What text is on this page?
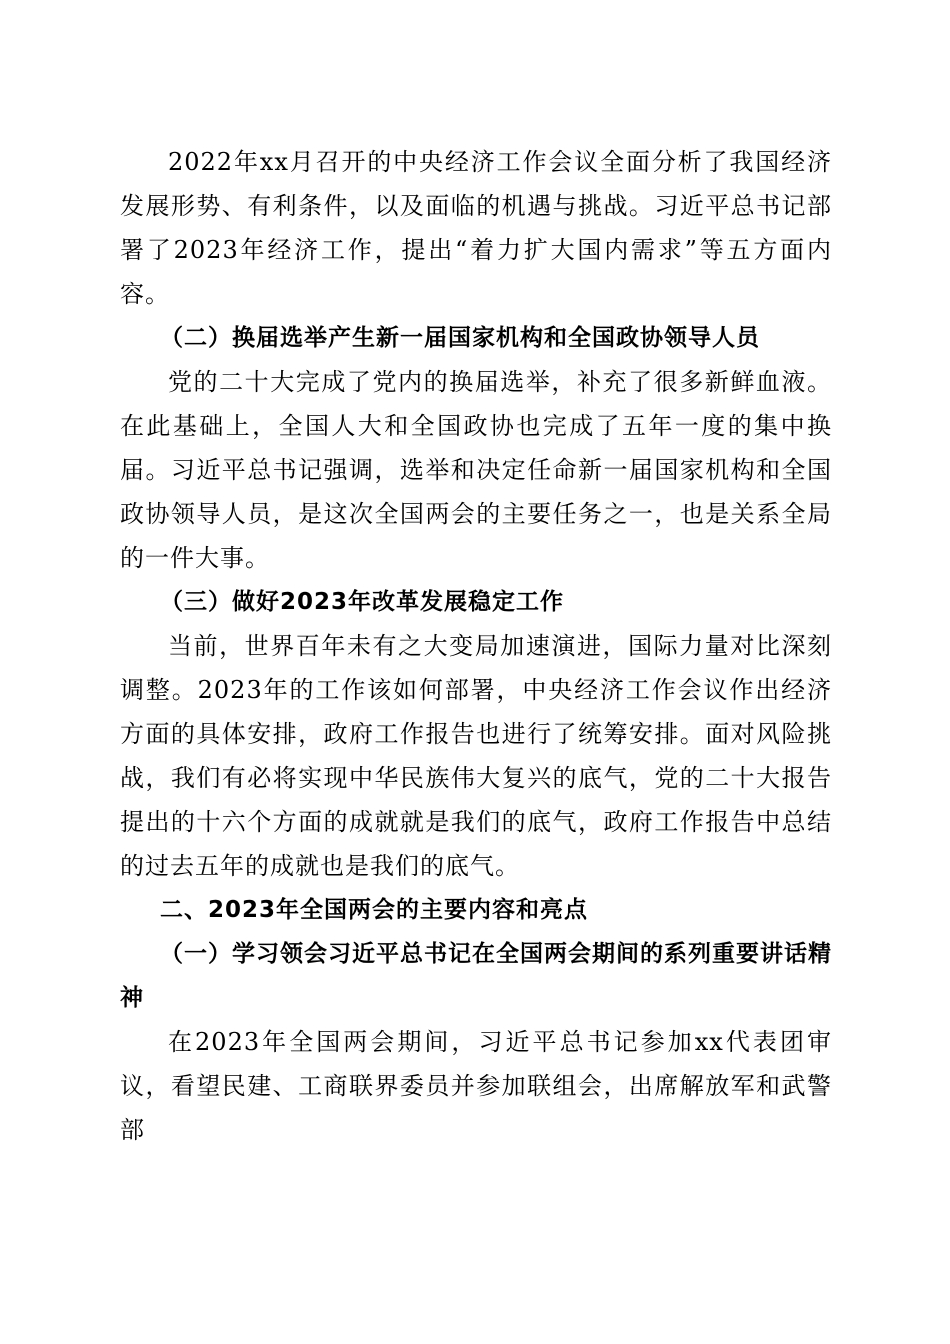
2022年xx月召开的中央经济工作会议全面分析了我国经济发展形势、有利条件，以及面临的机遇与挑战。习近平总书记部署了2023年经济工作，提出“着力扩大国内需求”等五方面内容。

（二）换届选举产生新一届国家机构和全国政协领导人员

党的二十大完成了党内的换届选举，补充了很多新鲜血液。在此基础上，全国人大和全国政协也完成了五年一度的集中换届。习近平总书记强调，选举和决定任命新一届国家机构和全国政协领导人员，是这次全国两会的主要任务之一，也是关系全局的一件大事。

（三）做好2023年改革发展稳定工作

当前，世界百年未有之大变局加速演进，国际力量对比深刻调整。2023年的工作该如何部署，中央经济工作会议作出经济方面的具体安排，政府工作报告也进行了统筹安排。面对风险挑战，我们有必将实现中华民族伟大复兴的底气，党的二十大报告提出的十六个方面的成就就是我们的底气，政府工作报告中总结的过去五年的成就也是我们的底气。

二、2023年全国两会的主要内容和亮点

（一）学习领会习近平总书记在全国两会期间的系列重要讲话精神

在2023年全国两会期间，习近平总书记参加xx代表团审议，看望民建、工商联界委员并参加联组会，出席解放军和武警部
